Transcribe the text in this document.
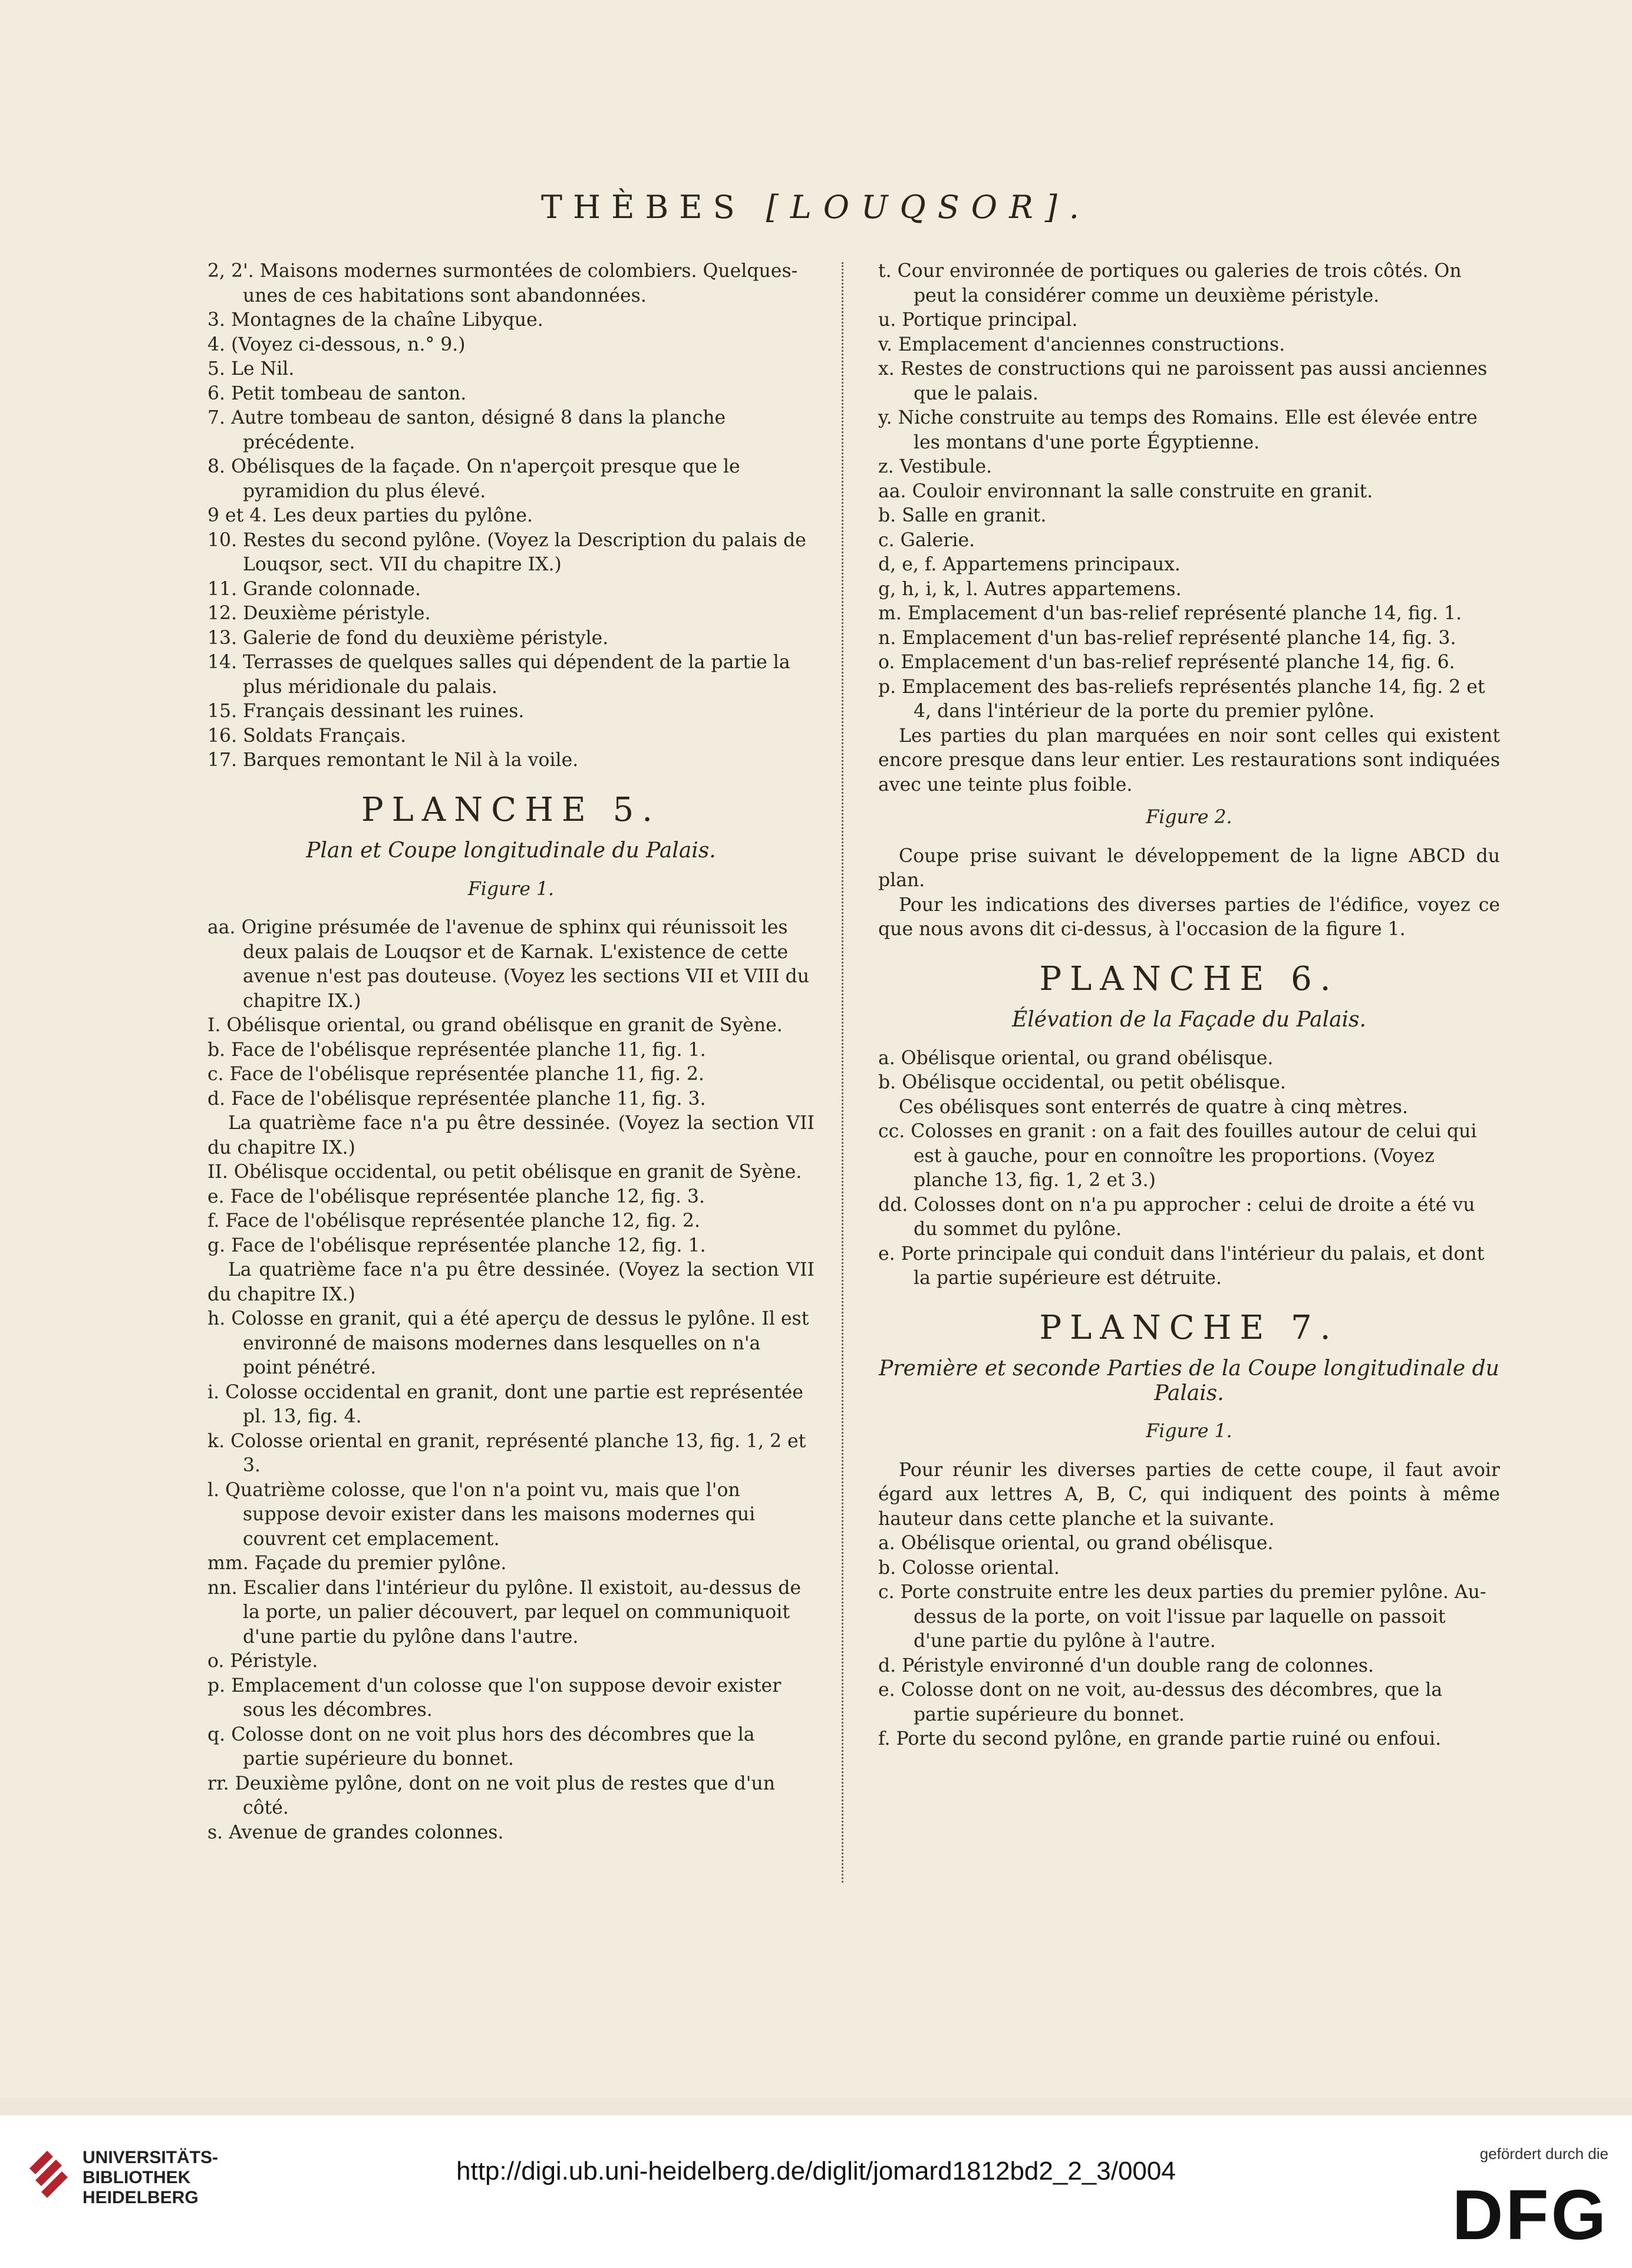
THÈBES [LOUQSOR].

2, 2'. Maisons modernes surmontées de colombiers. Quelques-unes de ces habitations sont abandonnées.

3. Montagnes de la chaîne Libyque.

4. (Voyez ci-dessous, n.° 9.)

5. Le Nil.

6. Petit tombeau de santon.

7. Autre tombeau de santon, désigné 8 dans la planche précédente.

8. Obélisques de la façade. On n'aperçoit presque que le pyramidion du plus élevé.

9 et 4. Les deux parties du pylône.

10. Restes du second pylône. (Voyez la Description du palais de Louqsor, sect. VII du chapitre IX.)

11. Grande colonnade.

12. Deuxième péristyle.

13. Galerie de fond du deuxième péristyle.

14. Terrasses de quelques salles qui dépendent de la partie la plus méridionale du palais.

15. Français dessinant les ruines.

16. Soldats Français.

17. Barques remontant le Nil à la voile.

PLANCHE 5.
Plan et Coupe longitudinale du Palais.
Figure 1.

aa. Origine présumée de l'avenue de sphinx qui réunissoit les deux palais de Louqsor et de Karnak. L'existence de cette avenue n'est pas douteuse. (Voyez les sections VII et VIII du chapitre IX.)

I. Obélisque oriental, ou grand obélisque en granit de Syène.

b. Face de l'obélisque représentée planche 11, fig. 1.

c. Face de l'obélisque représentée planche 11, fig. 2.

d. Face de l'obélisque représentée planche 11, fig. 3.

La quatrième face n'a pu être dessinée. (Voyez la section VII du chapitre IX.)

II. Obélisque occidental, ou petit obélisque en granit de Syène.

e. Face de l'obélisque représentée planche 12, fig. 3.

f. Face de l'obélisque représentée planche 12, fig. 2.

g. Face de l'obélisque représentée planche 12, fig. 1.

La quatrième face n'a pu être dessinée. (Voyez la section VII du chapitre IX.)

h. Colosse en granit, qui a été aperçu de dessus le pylône. Il est environné de maisons modernes dans lesquelles on n'a point pénétré.

i. Colosse occidental en granit, dont une partie est représentée pl. 13, fig. 4.

k. Colosse oriental en granit, représenté planche 13, fig. 1, 2 et 3.

l. Quatrième colosse, que l'on n'a point vu, mais que l'on suppose devoir exister dans les maisons modernes qui couvrent cet emplacement.

mm. Façade du premier pylône.

nn. Escalier dans l'intérieur du pylône. Il existoit, au-dessus de la porte, un palier découvert, par lequel on communiquoit d'une partie du pylône dans l'autre.

o. Péristyle.

p. Emplacement d'un colosse que l'on suppose devoir exister sous les décombres.

q. Colosse dont on ne voit plus hors des décombres que la partie supérieure du bonnet.

rr. Deuxième pylône, dont on ne voit plus de restes que d'un côté.

s. Avenue de grandes colonnes.

t. Cour environnée de portiques ou galeries de trois côtés. On peut la considérer comme un deuxième péristyle.

u. Portique principal.

v. Emplacement d'anciennes constructions.

x. Restes de constructions qui ne paroissent pas aussi anciennes que le palais.

y. Niche construite au temps des Romains. Elle est élevée entre les montans d'une porte Égyptienne.

z. Vestibule.

aa. Couloir environnant la salle construite en granit.

b. Salle en granit.

c. Galerie.

d, e, f. Appartemens principaux.

g, h, i, k, l. Autres appartemens.

m. Emplacement d'un bas-relief représenté planche 14, fig. 1.

n. Emplacement d'un bas-relief représenté planche 14, fig. 3.

o. Emplacement d'un bas-relief représenté planche 14, fig. 6.

p. Emplacement des bas-reliefs représentés planche 14, fig. 2 et 4, dans l'intérieur de la porte du premier pylône.

Les parties du plan marquées en noir sont celles qui existent encore presque dans leur entier. Les restaurations sont indiquées avec une teinte plus foible.

Figure 2.

Coupe prise suivant le développement de la ligne ABCD du plan.

Pour les indications des diverses parties de l'édifice, voyez ce que nous avons dit ci-dessus, à l'occasion de la figure 1.

PLANCHE 6.
Élévation de la Façade du Palais.

a. Obélisque oriental, ou grand obélisque.

b. Obélisque occidental, ou petit obélisque.

Ces obélisques sont enterrés de quatre à cinq mètres.

cc. Colosses en granit : on a fait des fouilles autour de celui qui est à gauche, pour en connoître les proportions. (Voyez planche 13, fig. 1, 2 et 3.)

dd. Colosses dont on n'a pu approcher : celui de droite a été vu du sommet du pylône.

e. Porte principale qui conduit dans l'intérieur du palais, et dont la partie supérieure est détruite.

PLANCHE 7.
Première et seconde Parties de la Coupe longitudinale du Palais.
Figure 1.

Pour réunir les diverses parties de cette coupe, il faut avoir égard aux lettres A, B, C, qui indiquent des points à même hauteur dans cette planche et la suivante.

a. Obélisque oriental, ou grand obélisque.

b. Colosse oriental.

c. Porte construite entre les deux parties du premier pylône. Au-dessus de la porte, on voit l'issue par laquelle on passoit d'une partie du pylône à l'autre.

d. Péristyle environné d'un double rang de colonnes.

e. Colosse dont on ne voit, au-dessus des décombres, que la partie supérieure du bonnet.

f. Porte du second pylône, en grande partie ruiné ou enfoui.

UNIVERSITÄTS-
BIBLIOTHEK
HEIDELBERG
http://digi.ub.uni-heidelberg.de/diglit/jomard1812bd2_2_3/0004
gefördert durch die
DFG
